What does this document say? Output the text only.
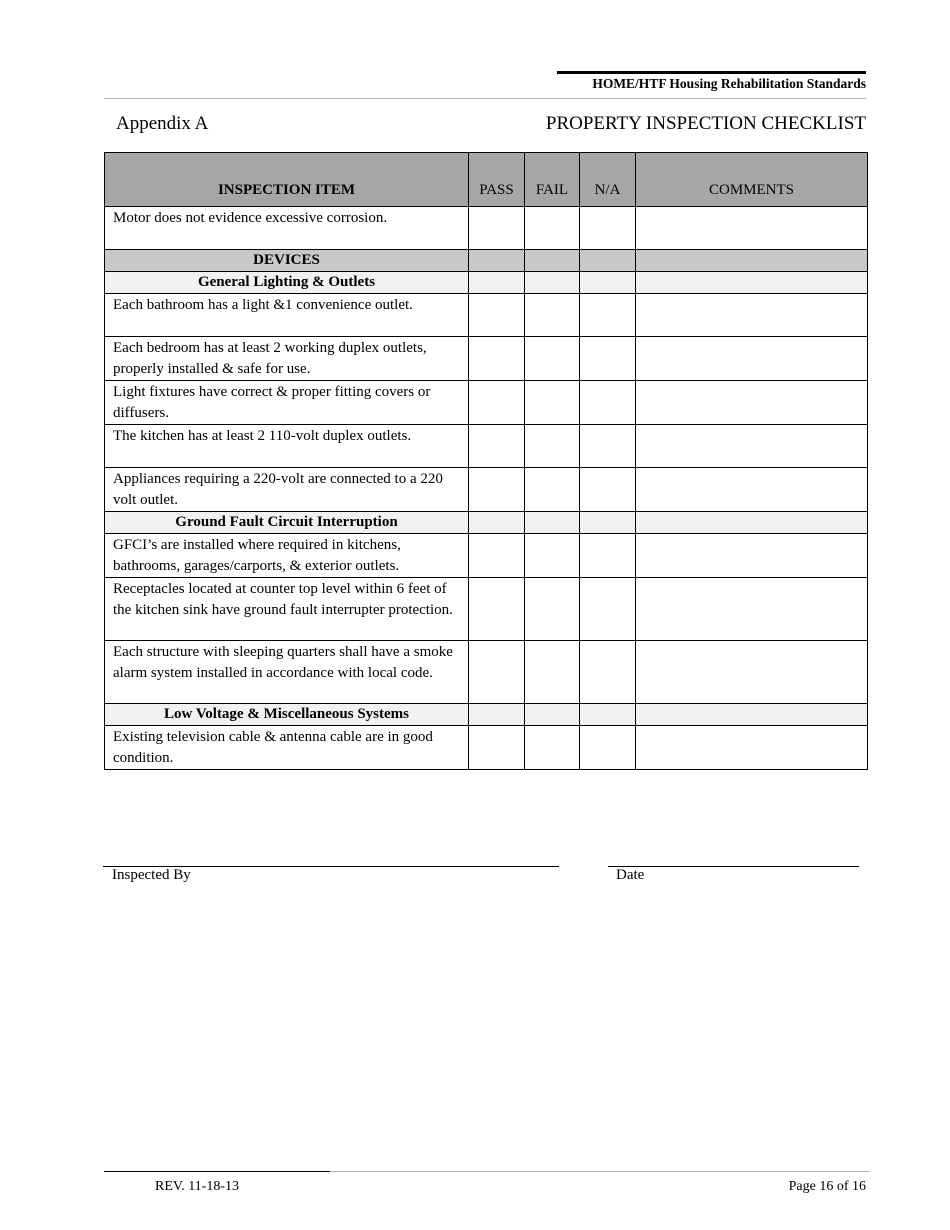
HOME/HTF Housing Rehabilitation Standards
Appendix A	PROPERTY INSPECTION CHECKLIST
INSPECTION ITEM	PASS	FAIL	N/A	COMMENTS
Motor does not evidence excessive corrosion.				
DEVICES				
General Lighting & Outlets				
Each bathroom has a light &1 convenience outlet.				
Each bedroom has at least 2 working duplex outlets, properly installed & safe for use.				
Light fixtures have correct & proper fitting covers or diffusers.				
The kitchen has at least 2 110-volt duplex outlets.				
Appliances requiring a 220-volt are connected to a 220 volt outlet.				
Ground Fault Circuit Interruption				
GFCI’s are installed where required in kitchens, bathrooms, garages/carports, & exterior outlets.				
Receptacles located at counter top level within 6 feet of the kitchen sink have ground fault interrupter protection.				
Each structure with sleeping quarters shall have a smoke alarm system installed in accordance with local code.				
Low Voltage & Miscellaneous Systems				
Existing television cable & antenna cable are in good condition.				
Inspected By	Date
REV. 11-18-13	Page 16 of 16
